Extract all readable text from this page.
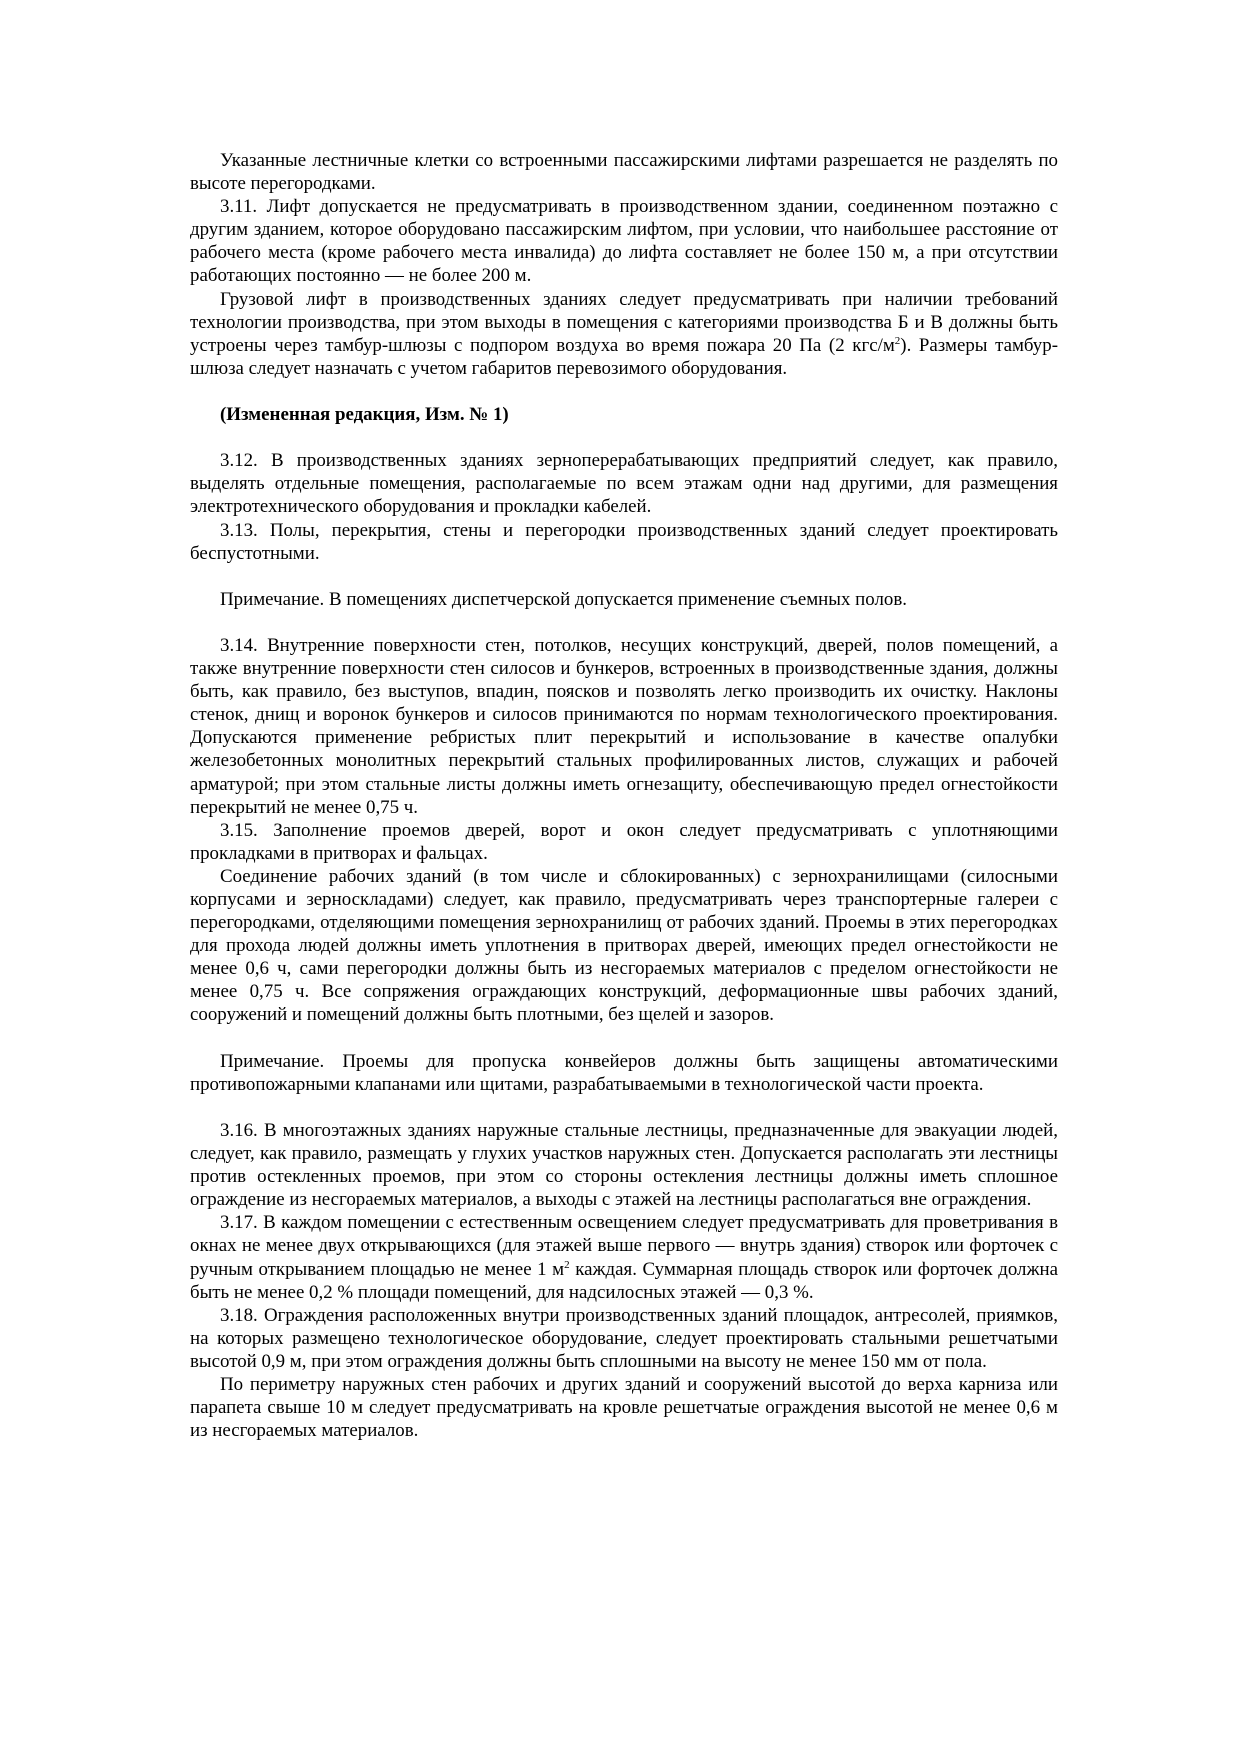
Указанные лестничные клетки со встроенными пассажирскими лифтами разрешается не разделять по высоте перегородками.

3.11. Лифт допускается не предусматривать в производственном здании, соединенном поэтажно с другим зданием, которое оборудовано пассажирским лифтом, при условии, что наибольшее расстояние от рабочего места (кроме рабочего места инвалида) до лифта составляет не более 150 м, а при отсутствии работающих постоянно — не более 200 м.

Грузовой лифт в производственных зданиях следует предусматривать при наличии требований технологии производства, при этом выходы в помещения с категориями производства Б и В должны быть устроены через тамбур-шлюзы с подпором воздуха во время пожара 20 Па (2 кгс/$м^2$). Размеры тамбур-шлюза следует назначать с учетом габаритов перевозимого оборудования.

(Измененная редакция, Изм. № 1)

3.12. В производственных зданиях зерноперерабатывающих предприятий следует, как правило, выделять отдельные помещения, располагаемые по всем этажам одни над другими, для размещения электротехнического оборудования и прокладки кабелей.

3.13. Полы, перекрытия, стены и перегородки производственных зданий следует проектировать беспустотными.

Примечание. В помещениях диспетчерской допускается применение съемных полов.

3.14. Внутренние поверхности стен, потолков, несущих конструкций, дверей, полов помещений, а также внутренние поверхности стен силосов и бункеров, встроенных в производственные здания, должны быть, как правило, без выступов, впадин, поясков и позволять легко производить их очистку. Наклоны стенок, днищ и воронок бункеров и силосов принимаются по нормам технологического проектирования. Допускаются применение ребристых плит перекрытий и использование в качестве опалубки железобетонных монолитных перекрытий стальных профилированных листов, служащих и рабочей арматурой; при этом стальные листы должны иметь огнезащиту, обеспечивающую предел огнестойкости перекрытий не менее 0,75 ч.

3.15. Заполнение проемов дверей, ворот и окон следует предусматривать с уплотняющими прокладками в притворах и фальцах.

Соединение рабочих зданий (в том числе и сблокированных) с зернохранилищами (силосными корпусами и зерноскладами) следует, как правило, предусматривать через транспортерные галереи с перегородками, отделяющими помещения зернохранилищ от рабочих зданий. Проемы в этих перегородках для прохода людей должны иметь уплотнения в притворах дверей, имеющих предел огнестойкости не менее 0,6 ч, сами перегородки должны быть из несгораемых материалов с пределом огнестойкости не менее 0,75 ч. Все сопряжения ограждающих конструкций, деформационные швы рабочих зданий, сооружений и помещений должны быть плотными, без щелей и зазоров.

Примечание. Проемы для пропуска конвейеров должны быть защищены автоматическими противопожарными клапанами или щитами, разрабатываемыми в технологической части проекта.

3.16. В многоэтажных зданиях наружные стальные лестницы, предназначенные для эвакуации людей, следует, как правило, размещать у глухих участков наружных стен. Допускается располагать эти лестницы против остекленных проемов, при этом со стороны остекления лестницы должны иметь сплошное ограждение из несгораемых материалов, а выходы с этажей на лестницы располагаться вне ограждения.

3.17. В каждом помещении с естественным освещением следует предусматривать для проветривания в окнах не менее двух открывающихся (для этажей выше первого — внутрь здания) створок или форточек с ручным открыванием площадью не менее 1 $м^2$ каждая. Суммарная площадь створок или форточек должна быть не менее 0,2 % площади помещений, для надсилосных этажей — 0,3 %.

3.18. Ограждения расположенных внутри производственных зданий площадок, антресолей, приямков, на которых размещено технологическое оборудование, следует проектировать стальными решетчатыми высотой 0,9 м, при этом ограждения должны быть сплошными на высоту не менее 150 мм от пола.

По периметру наружных стен рабочих и других зданий и сооружений высотой до верха карниза или парапета свыше 10 м следует предусматривать на кровле решетчатые ограждения высотой не менее 0,6 м из несгораемых материалов.
